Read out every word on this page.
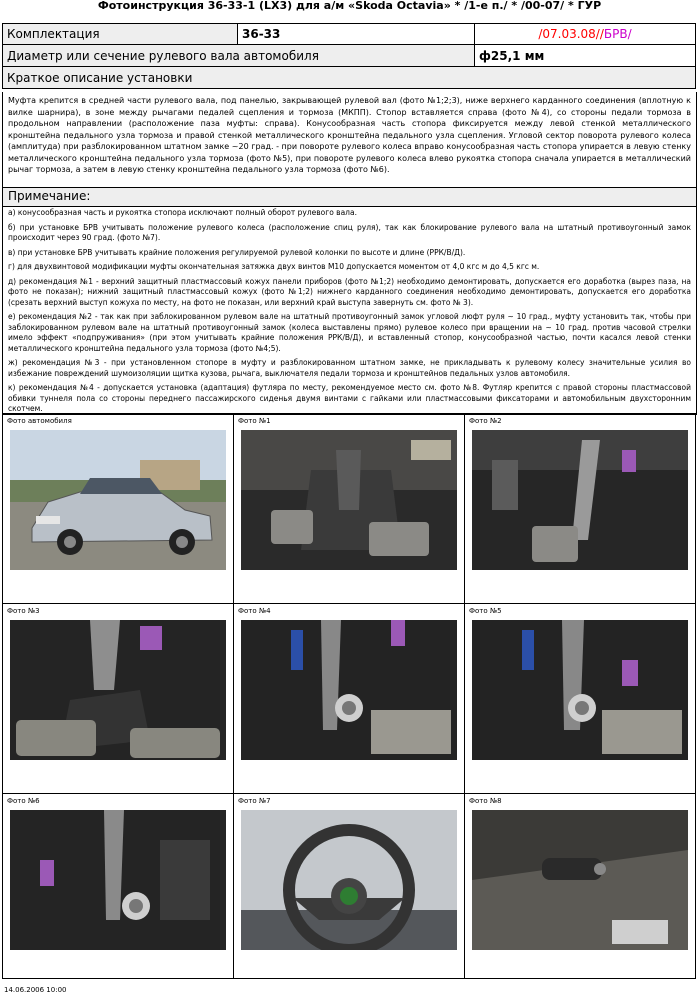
Фотоинструкция 36-33-1 (LX3) для а/м «Skoda Octavia» * /1-е п./ * /00-07/ * ГУР
Комплектация	36-33	/07.03.08//БРВ/
Диаметр или сечение рулевого вала автомобиля		ф25,1 мм
Краткое описание установки		
Муфта крепится в средней части рулевого вала, под панелью, закрывающей рулевой вал (фото №1;2;3), ниже верхнего карданного соединения (вплотную к вилке шарнира), в зоне между рычагами педалей сцепления и тормоза (МКПП). Стопор вставляется справа (фото №4), со стороны педали тормоза в продольном направлении (расположение паза муфты: справа). Конусообразная часть стопора фиксируется между левой стенкой металлического кронштейна педального узла тормоза и правой стенкой металлического кронштейна педального узла сцепления. Угловой сектор поворота рулевого колеса (амплитуда) при разблокированном штатном замке ~20 град. - при повороте рулевого колеса вправо конусообразная часть стопора упирается в левую стенку металлического кронштейна педального узла тормоза (фото №5), при повороте рулевого колеса влево рукоятка стопора сначала упирается в металлический рычаг тормоза, а затем в левую стенку кронштейна педального узла тормоза (фото №6).
Примечание:

а) конусообразная часть и рукоятка стопора исключают полный оборот рулевого вала.

б) при установке БРВ учитывать положение рулевого колеса (расположение спиц руля), так как блокирование рулевого вала на штатный противоугонный замок происходит через 90 град. (фото №7).

в) при установке БРВ учитывать крайние положения регулируемой рулевой колонки по высоте и длине (РРК/В/Д).

г) для двухвинтовой модификации муфты окончательная затяжка двух винтов М10 допускается моментом от 4,0 кгс м до 4,5 кгс м.

д) рекомендация №1 - верхний защитный пластмассовый кожух панели приборов (фото №1;2) необходимо демонтировать, допускается его доработка (вырез паза, на фото не показан); нижний защитный пластмассовый кожух (фото №1;2) нижнего карданного соединения необходимо демонтировать, допускается его доработка (срезать верхний выступ кожуха по месту, на фото не показан, или верхний край выступа завернуть см. фото № 3).

е) рекомендация №2 - так как при заблокированном рулевом вале на штатный противоугонный замок угловой люфт руля ~ 10 град., муфту установить так, чтобы при заблокированном рулевом вале на штатный противоугонный замок (колеса выставлены прямо) рулевое колесо при вращении на ~ 10 град. против часовой стрелки имело эффект «подпруживания» (при этом учитывать крайние положения РРК/В/Д), и вставленный стопор, конусообразной частью, почти касался левой стенки металлического кронштейна педального узла тормоза (фото №4;5).

ж) рекомендация №3 - при установленном стопоре в муфту и разблокированном штатном замке, не прикладывать к рулевому колесу значительные усилия во избежание повреждений шумоизоляции щитка кузова, рычага, выключателя педали тормоза и кронштейнов педальных узлов автомобиля.

к) рекомендация №4 - допускается установка (адаптация) футляра по месту, рекомендуемое место см. фото №8. Футляр крепится с правой стороны пластмассовой обивки туннеля пола со стороны переднего пассажирского сиденья двумя винтами с гайками или пластмассовыми фиксаторами и автомобильным двухсторонним скотчем.

Фото автомобиля	Фото №1	Фото №2

Фото №3	Фото №4	Фото №5

Фото №6	Фото №7	Фото №8
14.06.2006 10:00
